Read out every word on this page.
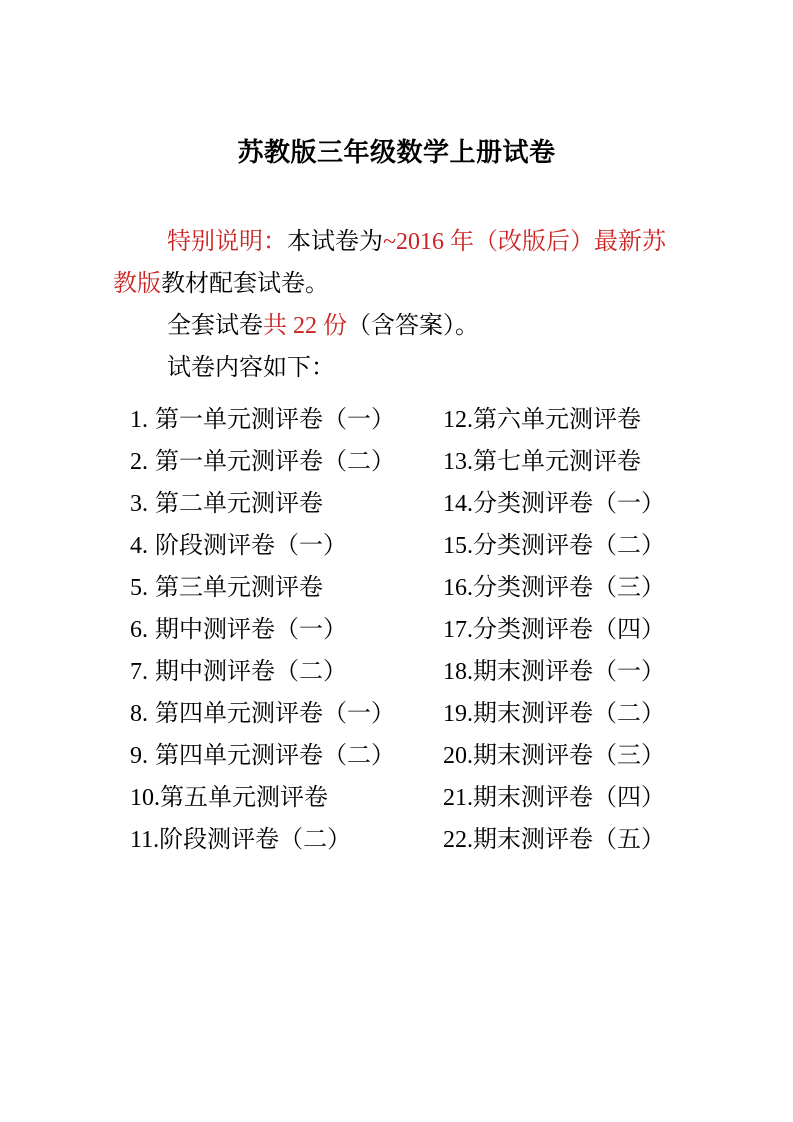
苏教版三年级数学上册试卷

特别说明：本试卷为~2016 年（改版后）最新苏教版教材配套试卷。

全套试卷共 22 份（含答案）。

试卷内容如下：

1. 第一单元测评卷（一）
2. 第一单元测评卷（二）
3. 第二单元测评卷
4. 阶段测评卷（一）
5. 第三单元测评卷
6. 期中测评卷（一）
7. 期中测评卷（二）
8. 第四单元测评卷（一）
9. 第四单元测评卷（二）
10.第五单元测评卷
11.阶段测评卷（二）
12.第六单元测评卷
13.第七单元测评卷
14.分类测评卷（一）
15.分类测评卷（二）
16.分类测评卷（三）
17.分类测评卷（四）
18.期末测评卷（一）
19.期末测评卷（二）
20.期末测评卷（三）
21.期末测评卷（四）
22.期末测评卷（五）
